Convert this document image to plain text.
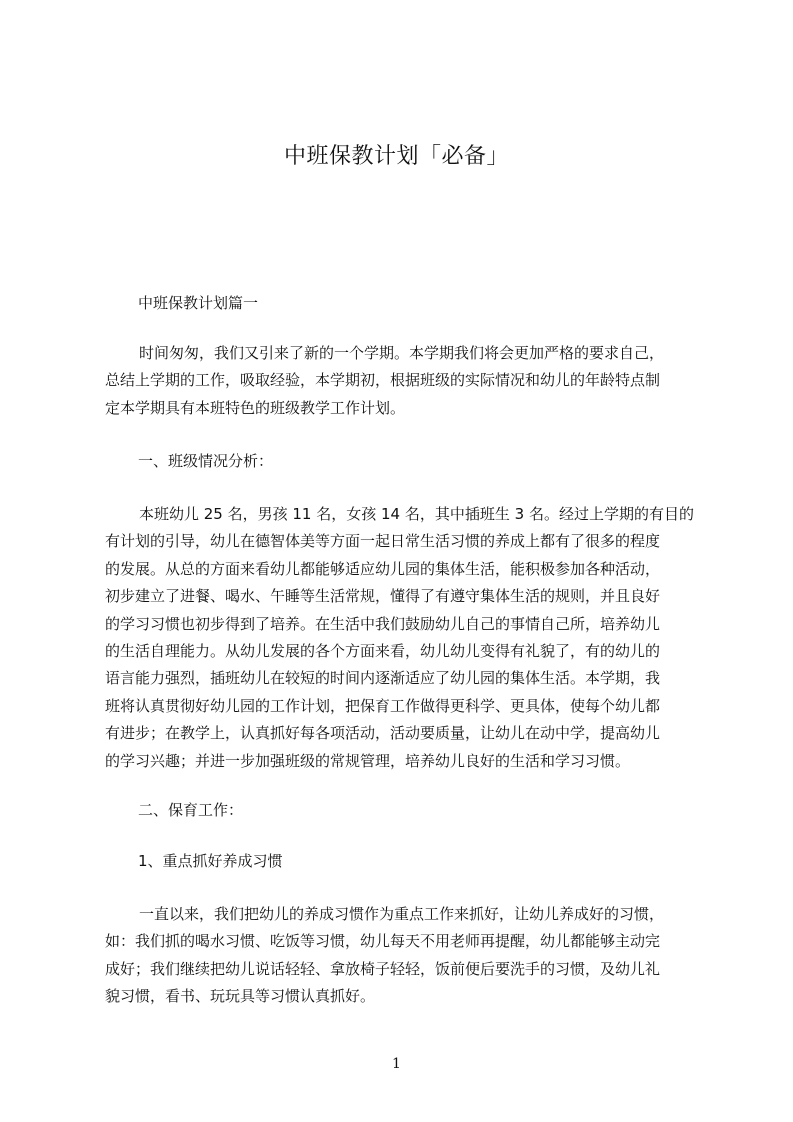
中班保教计划「必备」
中班保教计划篇一
时间匆匆，我们又引来了新的一个学期。本学期我们将会更加严格的要求自己，
总结上学期的工作，吸取经验，本学期初，根据班级的实际情况和幼儿的年龄特点制
定本学期具有本班特色的班级教学工作计划。
一、班级情况分析：
本班幼儿 25 名，男孩 11 名，女孩 14 名，其中插班生 3 名。经过上学期的有目的
有计划的引导，幼儿在德智体美等方面一起日常生活习惯的养成上都有了很多的程度
的发展。从总的方面来看幼儿都能够适应幼儿园的集体生活，能积极参加各种活动，
初步建立了进餐、喝水、午睡等生活常规，懂得了有遵守集体生活的规则，并且良好
的学习习惯也初步得到了培养。在生活中我们鼓励幼儿自己的事情自己所，培养幼儿
的生活自理能力。从幼儿发展的各个方面来看，幼儿幼儿变得有礼貌了，有的幼儿的
语言能力强烈，插班幼儿在较短的时间内逐渐适应了幼儿园的集体生活。本学期，我
班将认真贯彻好幼儿园的工作计划，把保育工作做得更科学、更具体，使每个幼儿都
有进步；在教学上，认真抓好每各项活动，活动要质量，让幼儿在动中学，提高幼儿
的学习兴趣；并进一步加强班级的常规管理，培养幼儿良好的生活和学习习惯。
二、保育工作：
1、重点抓好养成习惯
一直以来，我们把幼儿的养成习惯作为重点工作来抓好，让幼儿养成好的习惯，
如：我们抓的喝水习惯、吃饭等习惯，幼儿每天不用老师再提醒，幼儿都能够主动完
成好；我们继续把幼儿说话轻轻、拿放椅子轻轻，饭前便后要洗手的习惯，及幼儿礼
貌习惯，看书、玩玩具等习惯认真抓好。
1
